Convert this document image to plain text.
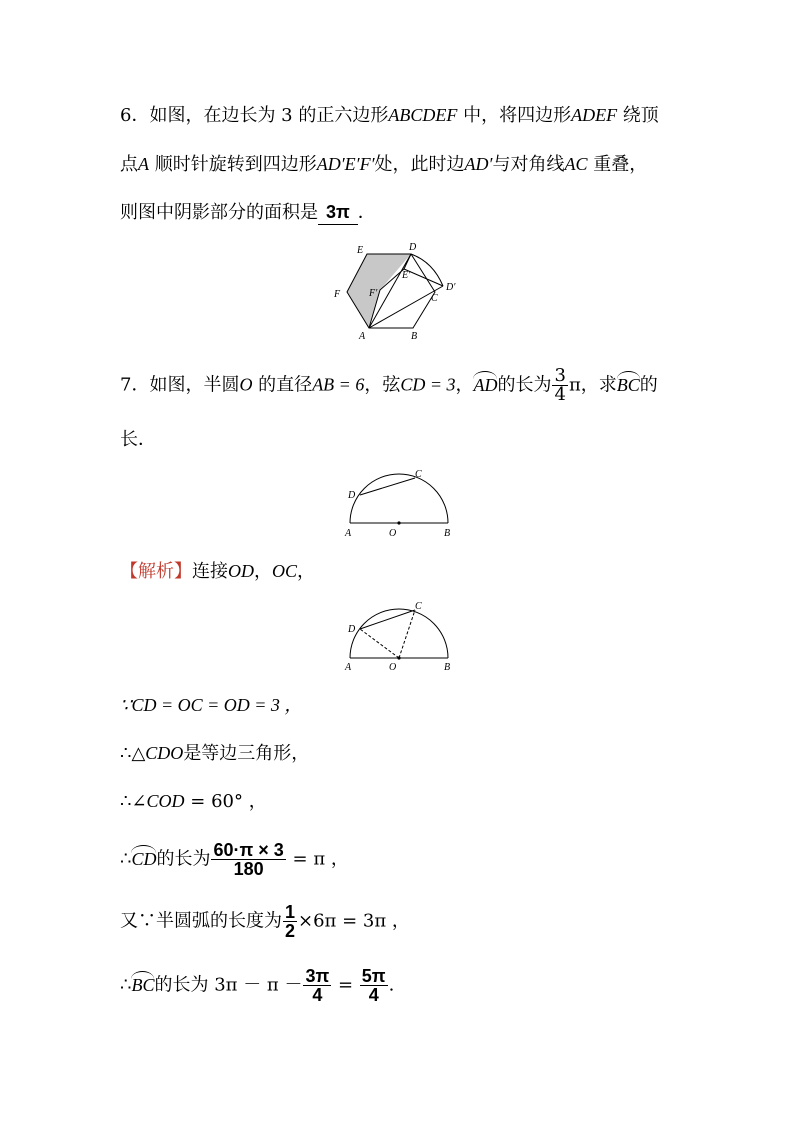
6．如图，在边长为 3 的正六边形ABCDEF 中，将四边形ADEF 绕顶
点A 顺时针旋转到四边形AD′E′F′处，此时边AD′与对角线AC 重叠，
则图中阴影部分的面积是 3π ．
E	D
E′
D′
F	F′	C
A	B
7．如图，半圆O 的直径AB = 6，弦CD = 3，AD的长为 $\frac{3}{4}$ π，求BC的
长．
C
D
A	O	B
【解析】连接OD，OC，
C
D
A	O	B
∵CD = OC = OD = 3 ，
∴△CDO是等边三角形，
∴∠COD = 60° ，
∴CD的长为 $\frac{60\cdot\pi \times 3}{180} = \pi$ ，
又∵半圆弧的长度为 $\frac{1}{2} \times 6\pi = 3\pi$ ，
∴BC的长为 $3\pi - \pi - \frac{3\pi}{4} = \frac{5\pi}{4}$ .
